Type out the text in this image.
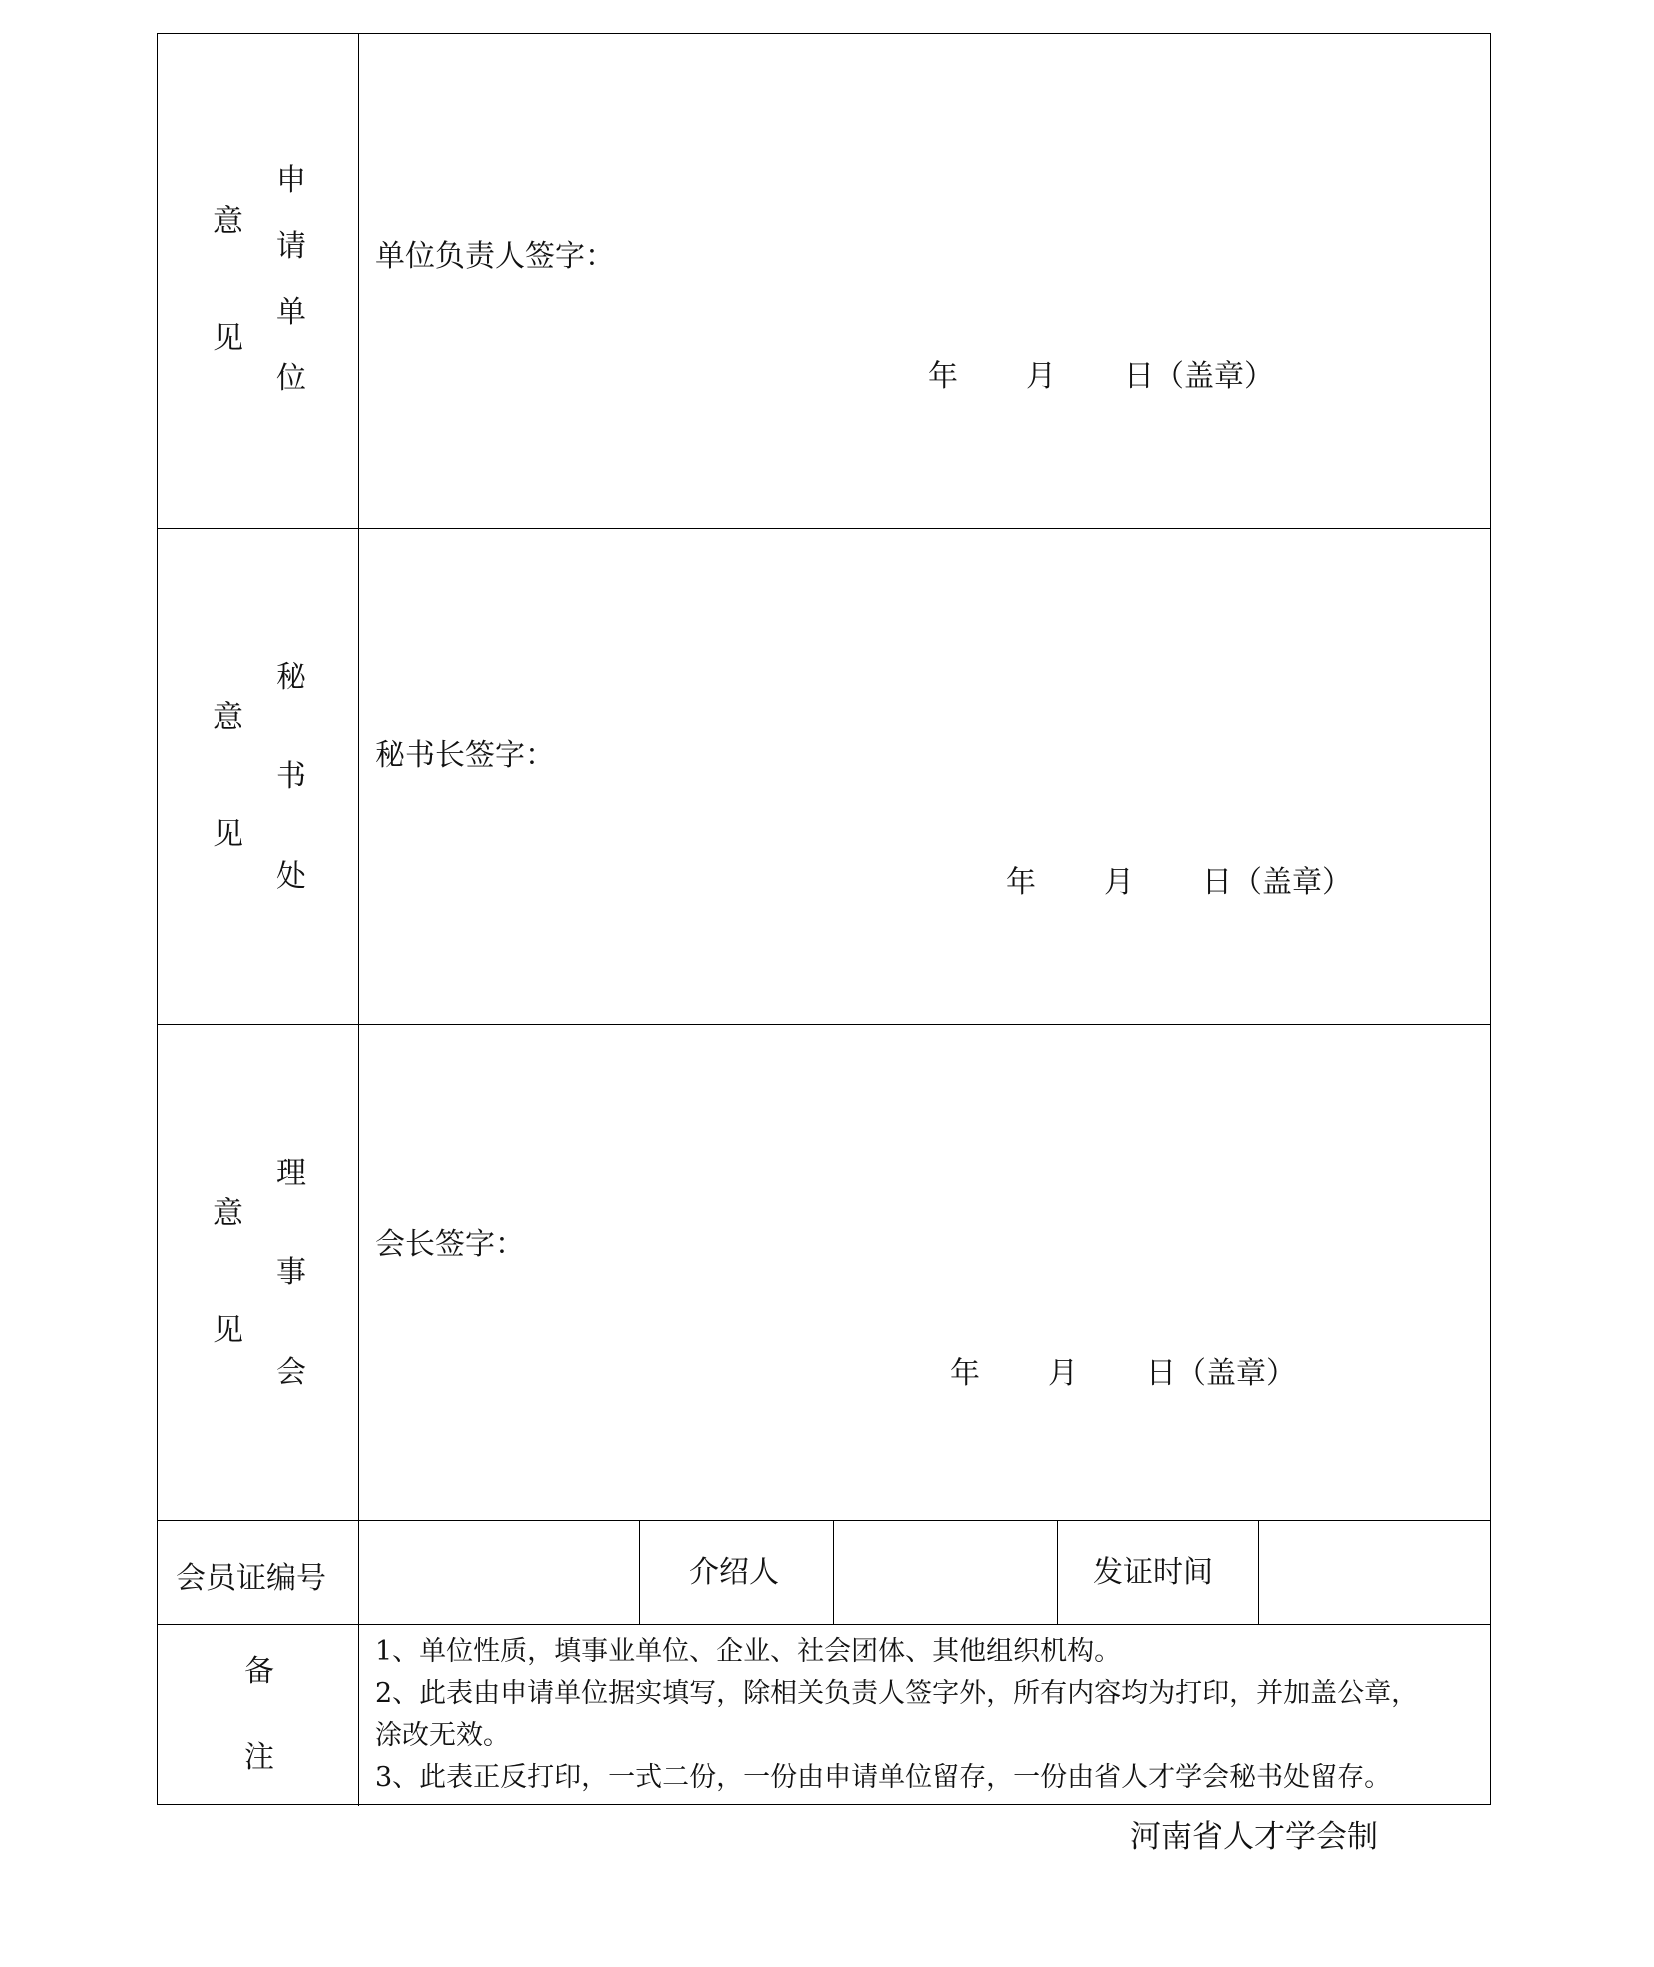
申
请
单
位
意
见
单位负责人签字：
年 月 日（盖章）
秘
书
处
意
见
秘书长签字：
年 月 日（盖章）
理
事
会
意
见
会长签字：
年 月 日（盖章）
会员证编号	介绍人	发证时间
备
注
1、单位性质，填事业单位、企业、社会团体、其他组织机构。
2、此表由申请单位据实填写，除相关负责人签字外，所有内容均为打印，并加盖公章，
涂改无效。
3、此表正反打印，一式二份，一份由申请单位留存，一份由省人才学会秘书处留存。
河南省人才学会制
